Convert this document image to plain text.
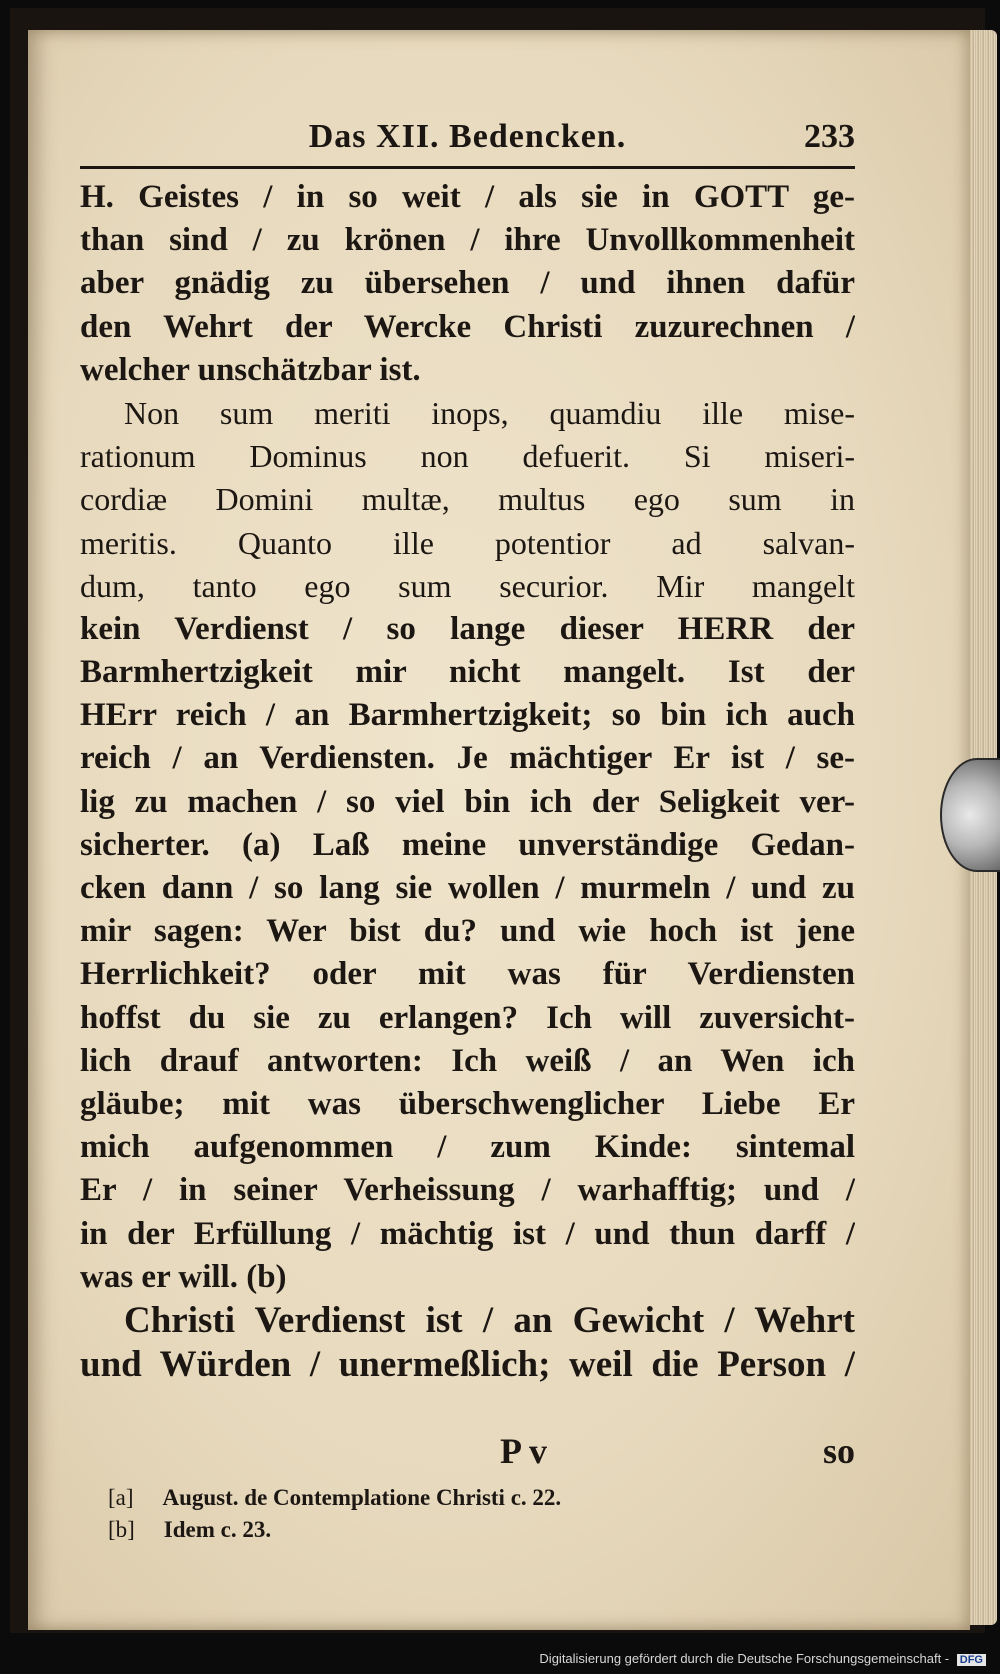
Das XII. Bedencken.	233
H. Geistes / in so weit / als sie in GOTT ge-
than sind / zu krönen / ihre Unvollkommenheit
aber gnädig zu übersehen / und ihnen dafür
den Wehrt der Wercke Christi zuzurechnen /
welcher unschätzbar ist.
Non sum meriti inops, quamdiu ille mise-
rationum Dominus non defuerit. Si miseri-
cordiæ Domini multæ, multus ego sum in
meritis. Quanto ille potentior ad salvan-
dum, tanto ego sum securior. Mir mangelt
kein Verdienst / so lange dieser HERR der
Barmhertzigkeit mir nicht mangelt. Ist der
HErr reich / an Barmhertzigkeit; so bin ich auch
reich / an Verdiensten. Je mächtiger Er ist / se-
lig zu machen / so viel bin ich der Seligkeit ver-
sicherter. (a) Laß meine unverständige Gedan-
cken dann / so lang sie wollen / murmeln / und zu
mir sagen: Wer bist du? und wie hoch ist jene
Herrlichkeit? oder mit was für Verdiensten
hoffst du sie zu erlangen? Ich will zuversicht-
lich drauf antworten: Ich weiß / an Wen ich
gläube; mit was überschwenglicher Liebe Er
mich aufgenommen / zum Kinde: sintemal
Er / in seiner Verheissung / warhafftig; und /
in der Erfüllung / mächtig ist / und thun darff /
was er will. (b)
Christi Verdienst ist / an Gewicht / Wehrt
und Würden / unermeßlich; weil die Person /
P v	so
[a] August. de Contemplatione Christi c. 22.
[b] Idem c. 23.
Digitalisierung gefördert durch die Deutsche Forschungsgemeinschaft - DFG
